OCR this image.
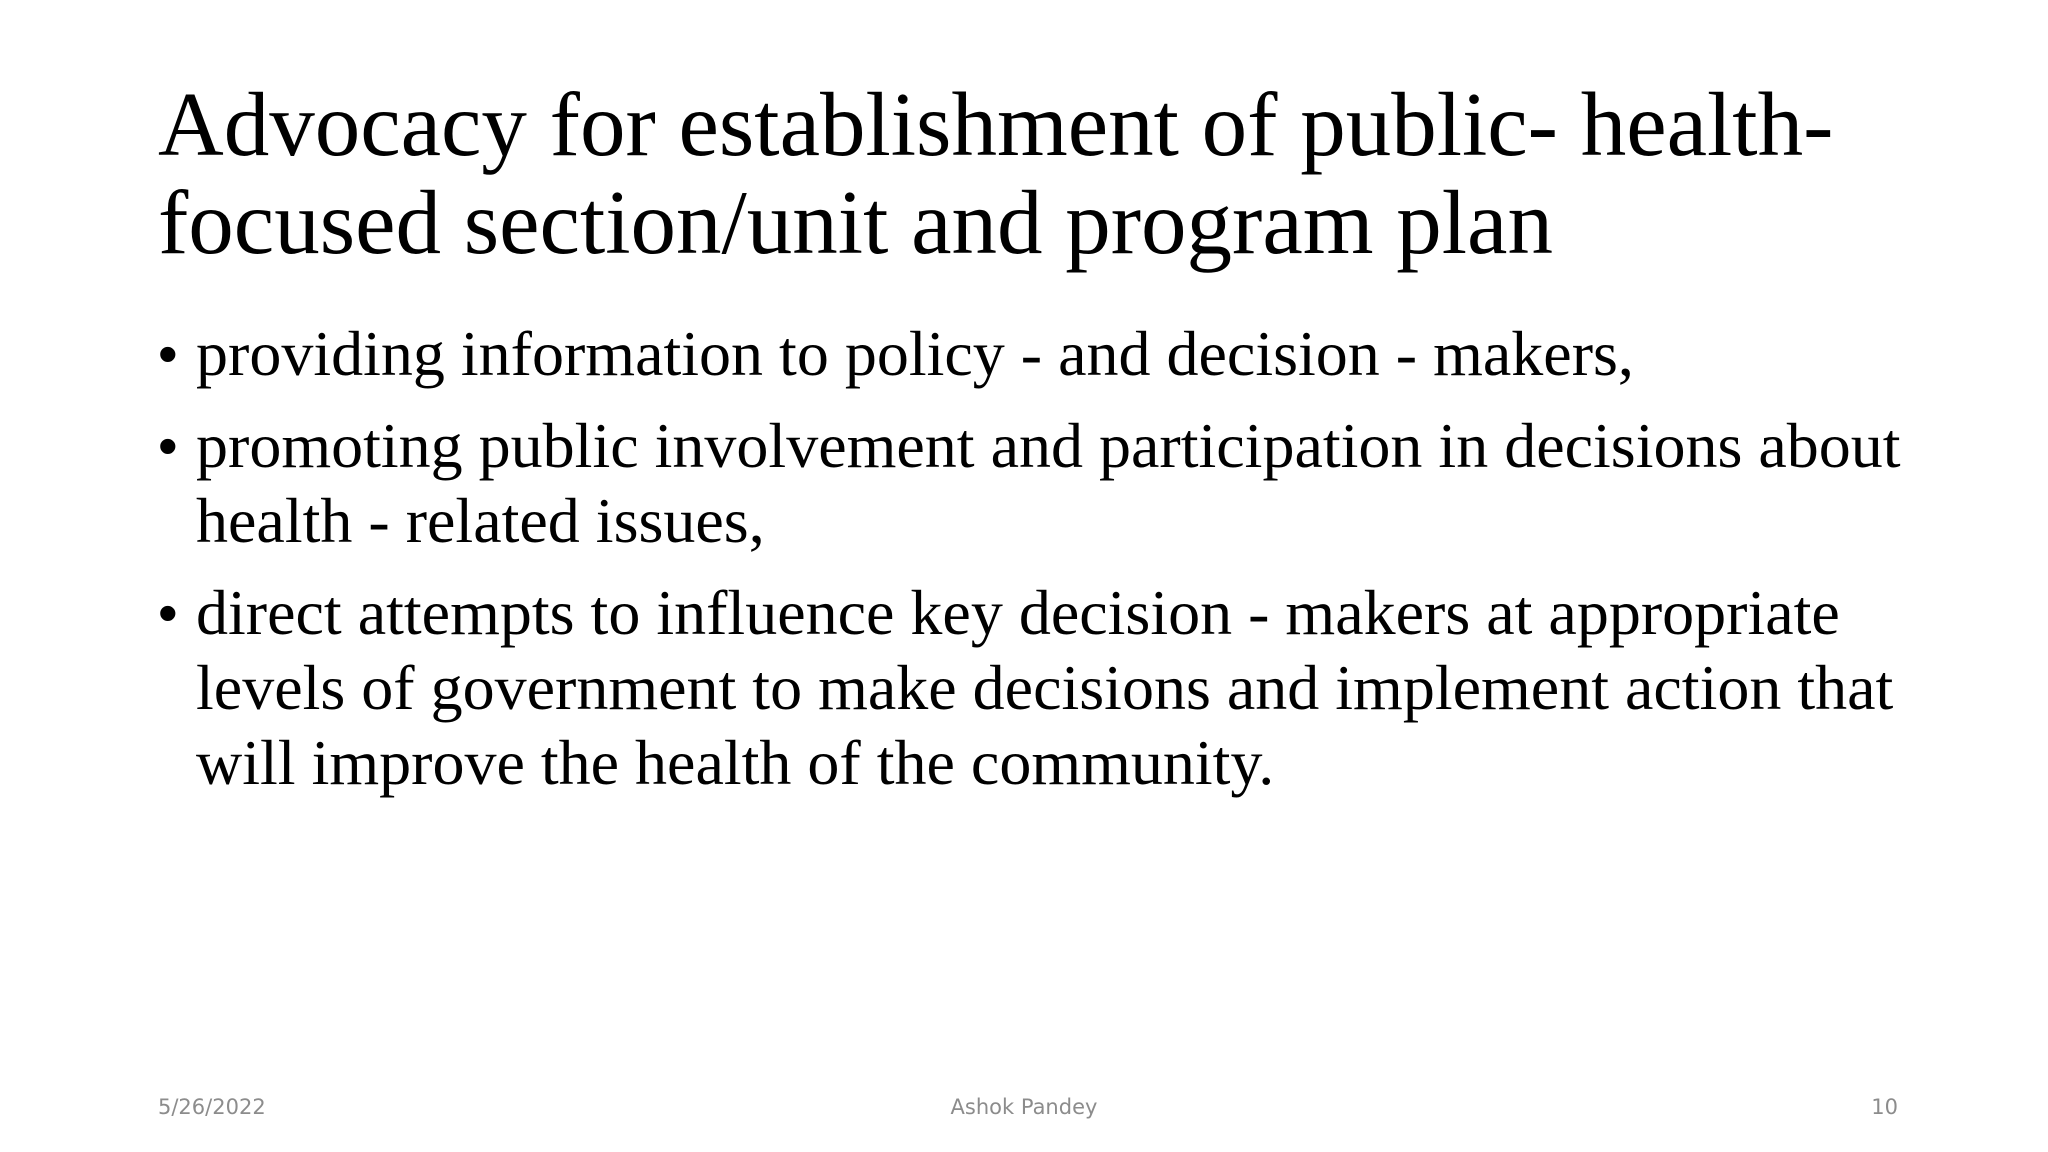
Advocacy for establishment of public- health- focused section/unit and program plan
• providing information to policy - and decision - makers,
• promoting public involvement and participation in decisions about health - related issues,
• direct attempts to influence key decision - makers at appropriate levels of government to make decisions and implement action that will improve the health of the community.
5/26/2022	Ashok Pandey	10
